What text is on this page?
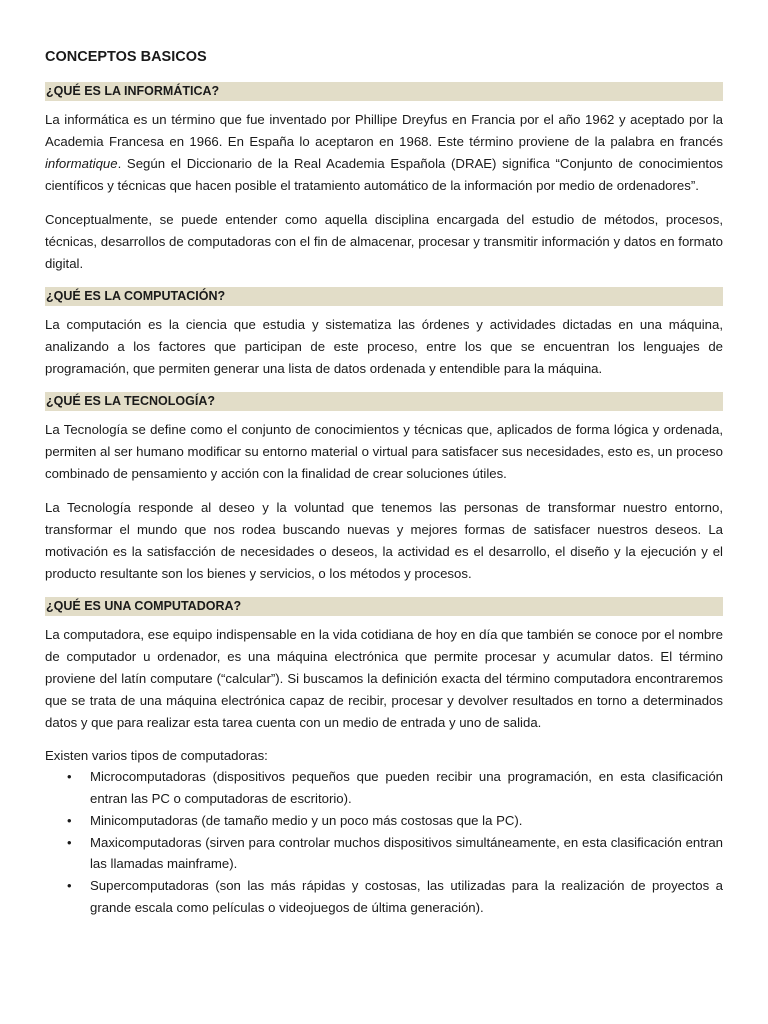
CONCEPTOS BASICOS
¿QUÉ ES LA INFORMÁTICA?

La informática es un término que fue inventado por Phillipe Dreyfus en Francia por el año 1962 y aceptado por la Academia Francesa en 1966. En España lo aceptaron en 1968. Este término proviene de la palabra en francés informatique. Según el Diccionario de la Real Academia Española (DRAE) significa “Conjunto de conocimientos científicos y técnicas que hacen posible el tratamiento automático de la información por medio de ordenadores”.

Conceptualmente, se puede entender como aquella disciplina encargada del estudio de métodos, procesos, técnicas, desarrollos de computadoras con el fin de almacenar, procesar y transmitir información y datos en formato digital.

¿QUÉ ES LA COMPUTACIÓN?

La computación es la ciencia que estudia y sistematiza las órdenes y actividades dictadas en una máquina, analizando a los factores que participan de este proceso, entre los que se encuentran los lenguajes de programación, que permiten generar una lista de datos ordenada y entendible para la máquina.

¿QUÉ ES LA TECNOLOGÍA?

La Tecnología se define como el conjunto de conocimientos y técnicas que, aplicados de forma lógica y ordenada, permiten al ser humano modificar su entorno material o virtual para satisfacer sus necesidades, esto es, un proceso combinado de pensamiento y acción con la finalidad de crear soluciones útiles.

La Tecnología responde al deseo y la voluntad que tenemos las personas de transformar nuestro entorno, transformar el mundo que nos rodea buscando nuevas y mejores formas de satisfacer nuestros deseos. La motivación es la satisfacción de necesidades o deseos, la actividad es el desarrollo, el diseño y la ejecución y el producto resultante son los bienes y servicios, o los métodos y procesos.

¿QUÉ ES UNA COMPUTADORA?

La computadora, ese equipo indispensable en la vida cotidiana de hoy en día que también se conoce por el nombre de computador u ordenador, es una máquina electrónica que permite procesar y acumular datos. El término proviene del latín computare (“calcular”). Si buscamos la definición exacta del término computadora encontraremos que se trata de una máquina electrónica capaz de recibir, procesar y devolver resultados en torno a determinados datos y que para realizar esta tarea cuenta con un medio de entrada y uno de salida.

Existen varios tipos de computadoras:

• Microcomputadoras (dispositivos pequeños que pueden recibir una programación, en esta clasificación entran las PC o computadoras de escritorio).
• Minicomputadoras (de tamaño medio y un poco más costosas que la PC).
• Maxicomputadoras (sirven para controlar muchos dispositivos simultáneamente, en esta clasificación entran las llamadas mainframe).
• Supercomputadoras (son las más rápidas y costosas, las utilizadas para la realización de proyectos a grande escala como películas o videojuegos de última generación).
